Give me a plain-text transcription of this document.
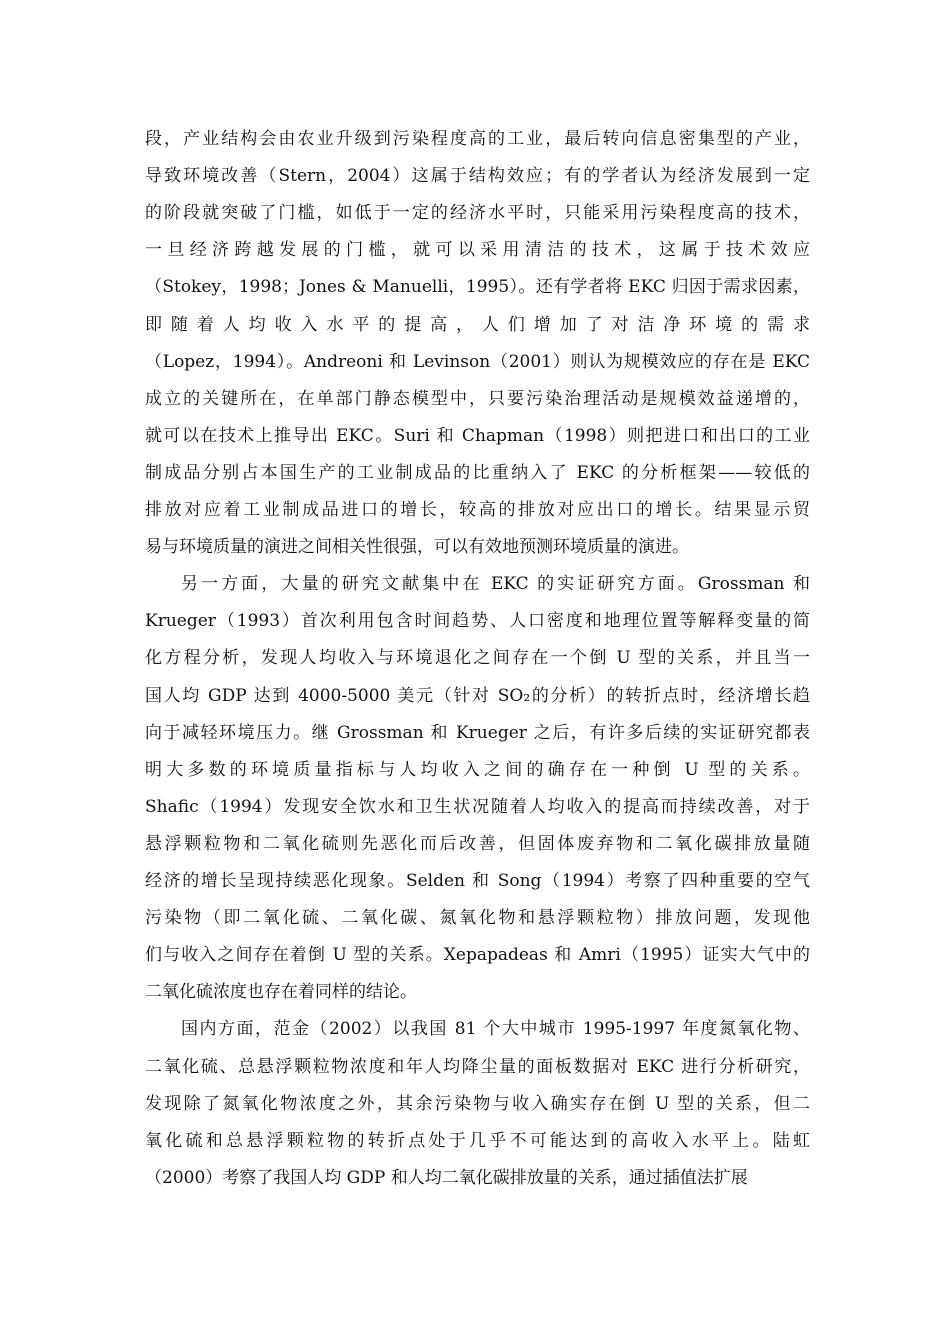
段，产业结构会由农业升级到污染程度高的工业，最后转向信息密集型的产业，
导致环境改善（Stern，2004）这属于结构效应；有的学者认为经济发展到一定
的阶段就突破了门槛，如低于一定的经济水平时，只能采用污染程度高的技术，
一旦经济跨越发展的门槛，就可以采用清洁的技术，这属于技术效应
（Stokey，1998；Jones & Manuelli，1995）。还有学者将 EKC 归因于需求因素，
即随着人均收入水平的提高，人们增加了对洁净环境的需求
（Lopez，1994）。Andreoni 和 Levinson（2001）则认为规模效应的存在是 EKC
成立的关键所在，在单部门静态模型中，只要污染治理活动是规模效益递增的，
就可以在技术上推导出 EKC。Suri 和 Chapman（1998）则把进口和出口的工业
制成品分别占本国生产的工业制成品的比重纳入了 EKC 的分析框架——较低的
排放对应着工业制成品进口的增长，较高的排放对应出口的增长。结果显示贸
易与环境质量的演进之间相关性很强，可以有效地预测环境质量的演进。
另一方面，大量的研究文献集中在 EKC 的实证研究方面。Grossman 和
Krueger（1993）首次利用包含时间趋势、人口密度和地理位置等解释变量的简
化方程分析，发现人均收入与环境退化之间存在一个倒 U 型的关系，并且当一
国人均 GDP 达到 4000-5000 美元（针对 SO₂的分析）的转折点时，经济增长趋
向于减轻环境压力。继 Grossman 和 Krueger 之后，有许多后续的实证研究都表
明大多数的环境质量指标与人均收入之间的确存在一种倒 U 型的关系。
Shafic（1994）发现安全饮水和卫生状况随着人均收入的提高而持续改善，对于
悬浮颗粒物和二氧化硫则先恶化而后改善，但固体废弃物和二氧化碳排放量随
经济的增长呈现持续恶化现象。Selden 和 Song（1994）考察了四种重要的空气
污染物（即二氧化硫、二氧化碳、氮氧化物和悬浮颗粒物）排放问题，发现他
们与收入之间存在着倒 U 型的关系。Xepapadeas 和 Amri（1995）证实大气中的
二氧化硫浓度也存在着同样的结论。
国内方面，范金（2002）以我国 81 个大中城市 1995-1997 年度氮氧化物、
二氧化硫、总悬浮颗粒物浓度和年人均降尘量的面板数据对 EKC 进行分析研究，
发现除了氮氧化物浓度之外，其余污染物与收入确实存在倒 U 型的关系，但二
氧化硫和总悬浮颗粒物的转折点处于几乎不可能达到的高收入水平上。陆虹
（2000）考察了我国人均 GDP 和人均二氧化碳排放量的关系，通过插值法扩展
